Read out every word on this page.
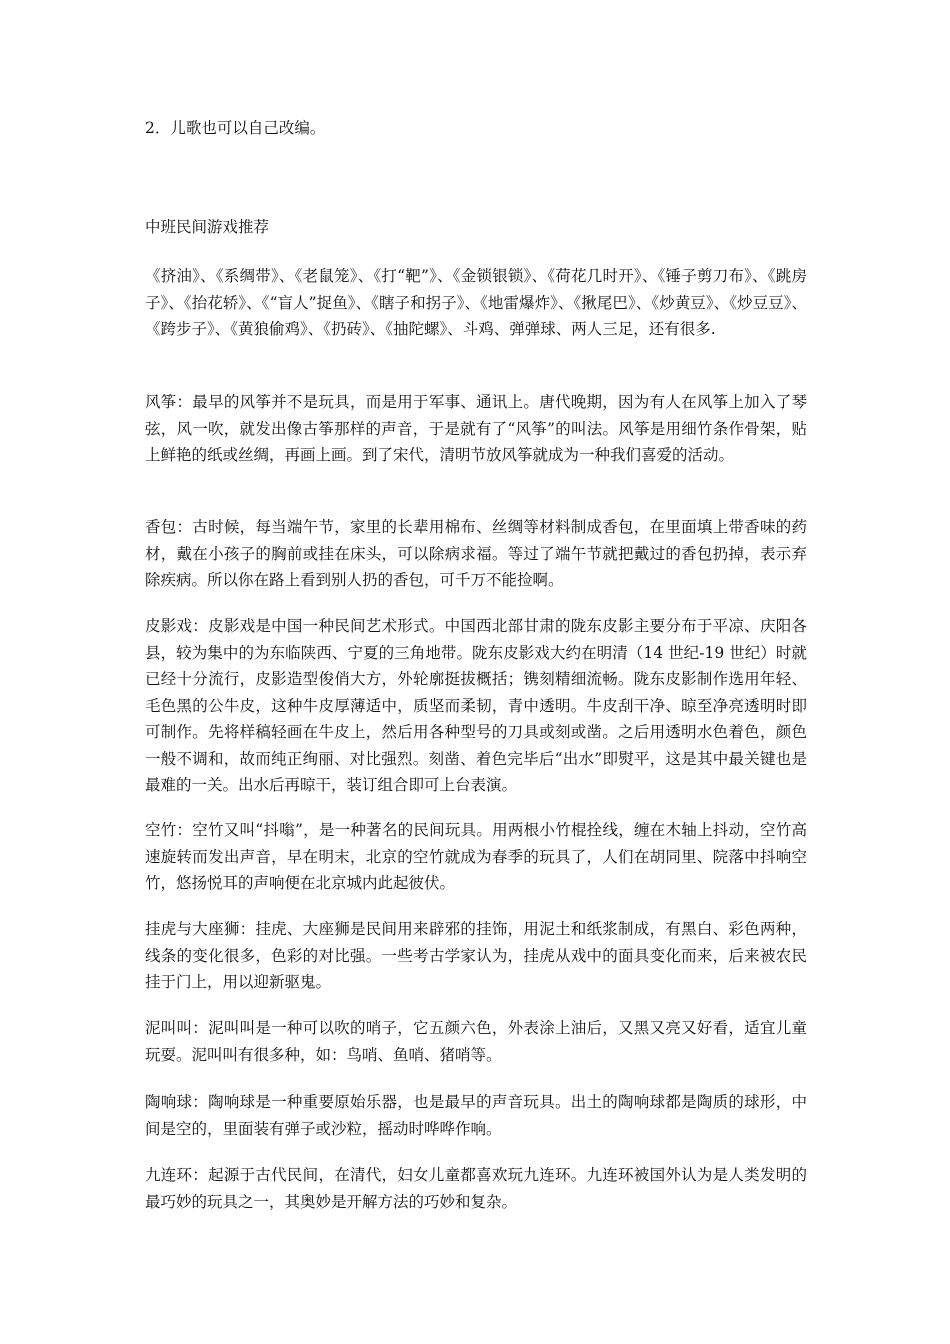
2．儿歌也可以自己改编。

中班民间游戏推荐

《挤油》、《系绸带》、《老鼠笼》、《打“靶”》、《金锁银锁》、《荷花几时开》、《锤子剪刀布》、《跳房子》、《抬花轿》、《“盲人”捉鱼》、《瞎子和拐子》、《地雷爆炸》、《揪尾巴》、《炒黄豆》、《炒豆豆》、《跨步子》、《黄狼偷鸡》、《扔砖》、《抽陀螺》、斗鸡、弹弹球、两人三足，还有很多.

风筝：最早的风筝并不是玩具，而是用于军事、通讯上。唐代晚期，因为有人在风筝上加入了琴弦，风一吹，就发出像古筝那样的声音，于是就有了“风筝”的叫法。风筝是用细竹条作骨架，贴上鲜艳的纸或丝绸，再画上画。到了宋代，清明节放风筝就成为一种我们喜爱的活动。

香包：古时候，每当端午节，家里的长辈用棉布、丝绸等材料制成香包，在里面填上带香味的药材，戴在小孩子的胸前或挂在床头，可以除病求福。等过了端午节就把戴过的香包扔掉，表示弃除疾病。所以你在路上看到别人扔的香包，可千万不能捡啊。

皮影戏：皮影戏是中国一种民间艺术形式。中国西北部甘肃的陇东皮影主要分布于平凉、庆阳各县，较为集中的为东临陕西、宁夏的三角地带。陇东皮影戏大约在明清（14 世纪-19 世纪）时就已经十分流行，皮影造型俊俏大方，外轮廓挺拔概括；镌刻精细流畅。陇东皮影制作选用年轻、毛色黑的公牛皮，这种牛皮厚薄适中，质坚而柔韧，青中透明。牛皮刮干净、晾至净亮透明时即可制作。先将样稿轻画在牛皮上，然后用各种型号的刀具或刻或凿。之后用透明水色着色，颜色一般不调和，故而纯正绚丽、对比强烈。刻凿、着色完毕后“出水”即熨平，这是其中最关键也是最难的一关。出水后再晾干，装订组合即可上台表演。

空竹：空竹又叫“抖嗡”，是一种著名的民间玩具。用两根小竹棍拴线，缠在木轴上抖动，空竹高速旋转而发出声音，早在明末，北京的空竹就成为春季的玩具了，人们在胡同里、院落中抖响空竹，悠扬悦耳的声响便在北京城内此起彼伏。

挂虎与大座狮：挂虎、大座狮是民间用来辟邪的挂饰，用泥土和纸浆制成，有黑白、彩色两种，线条的变化很多，色彩的对比强。一些考古学家认为，挂虎从戏中的面具变化而来，后来被农民挂于门上，用以迎新驱鬼。

泥叫叫：泥叫叫是一种可以吹的哨子，它五颜六色，外表涂上油后，又黑又亮又好看，适宜儿童玩耍。泥叫叫有很多种，如：鸟哨、鱼哨、猪哨等。

陶响球：陶响球是一种重要原始乐器，也是最早的声音玩具。出土的陶响球都是陶质的球形，中间是空的，里面装有弹子或沙粒，摇动时哗哗作响。

九连环：起源于古代民间，在清代，妇女儿童都喜欢玩九连环。九连环被国外认为是人类发明的最巧妙的玩具之一，其奥妙是开解方法的巧妙和复杂。
